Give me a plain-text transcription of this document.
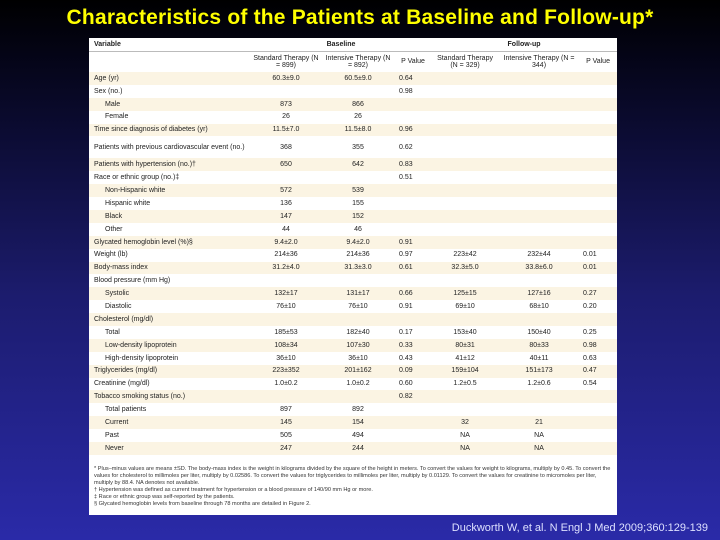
Characteristics of the Patients at Baseline and Follow-up*
Variable	Baseline			Follow-up		
	Standard Therapy (N = 899)	Intensive Therapy (N = 892)	P Value	Standard Therapy (N = 329)	Intensive Therapy (N = 344)	P Value
Age (yr)	60.3±9.0	60.5±9.0	0.64			
Sex (no.)			0.98			
Male	873	866				
Female	26	26				
Time since diagnosis of diabetes (yr)	11.5±7.0	11.5±8.0	0.96			
Patients with previous cardiovascular event (no.)	368	355	0.62			
Patients with hypertension (no.)†	650	642	0.83			
Race or ethnic group (no.)‡			0.51			
Non-Hispanic white	572	539				
Hispanic white	136	155				
Black	147	152				
Other	44	46				
Glycated hemoglobin level (%)§	9.4±2.0	9.4±2.0	0.91			
Weight (lb)	214±36	214±36	0.97	223±42	232±44	0.01
Body-mass index	31.2±4.0	31.3±3.0	0.61	32.3±5.0	33.8±6.0	0.01
Blood pressure (mm Hg)						
Systolic	132±17	131±17	0.66	125±15	127±16	0.27
Diastolic	76±10	76±10	0.91	69±10	68±10	0.20
Cholesterol (mg/dl)						
Total	185±53	182±40	0.17	153±40	150±40	0.25
Low-density lipoprotein	108±34	107±30	0.33	80±31	80±33	0.98
High-density lipoprotein	36±10	36±10	0.43	41±12	40±11	0.63
Triglycerides (mg/dl)	223±352	201±162	0.09	159±104	151±173	0.47
Creatinine (mg/dl)	1.0±0.2	1.0±0.2	0.60	1.2±0.5	1.2±0.6	0.54
Tobacco smoking status (no.)			0.82			
Total patients	897	892				
Current	145	154		32	21	
Past	505	494		NA	NA	
Never	247	244		NA	NA	
* Plus–minus values are means ±SD. The body-mass index is the weight in kilograms divided by the square of the height in meters. To convert the values for weight to kilograms, multiply by 0.45. To convert the values for cholesterol to millimoles per liter, multiply by 0.02586. To convert the values for triglycerides to millimoles per liter, multiply by 0.01129. To convert the values for creatinine to micromoles per liter, multiply by 88.4. NA denotes not available.
† Hypertension was defined as current treatment for hypertension or a blood pressure of 140/90 mm Hg or more.
‡ Race or ethnic group was self-reported by the patients.
§ Glycated hemoglobin levels from baseline through 78 months are detailed in Figure 2.
Duckworth W, et al. N Engl J Med 2009;360:129-139
